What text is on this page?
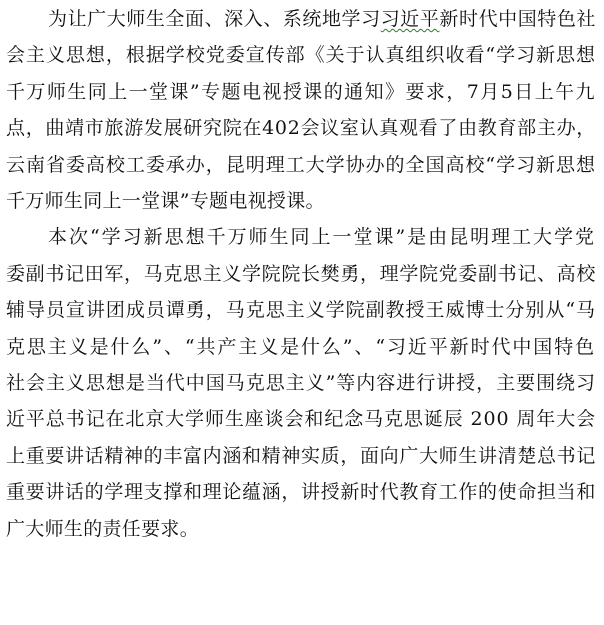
为让广大师生全面、深入、系统地学习习近平新时代中国特色社
会主义思想，根据学校党委宣传部《关于认真组织收看“学习新思想
千万师生同上一堂课”专题电视授课的通知》要求，7月5日上午九
点，曲靖市旅游发展研究院在402会议室认真观看了由教育部主办，
云南省委高校工委承办，昆明理工大学协办的全国高校“学习新思想
千万师生同上一堂课”专题电视授课。
本次“学习新思想千万师生同上一堂课”是由昆明理工大学党
委副书记田军，马克思主义学院院长樊勇，理学院党委副书记、高校
辅导员宣讲团成员谭勇，马克思主义学院副教授王威博士分别从“马
克思主义是什么”、“共产主义是什么”、“习近平新时代中国特色
社会主义思想是当代中国马克思主义”等内容进行讲授，主要围绕习
近平总书记在北京大学师生座谈会和纪念马克思诞辰 200 周年大会
上重要讲话精神的丰富内涵和精神实质，面向广大师生讲清楚总书记
重要讲话的学理支撑和理论蕴涵，讲授新时代教育工作的使命担当和
广大师生的责任要求。
